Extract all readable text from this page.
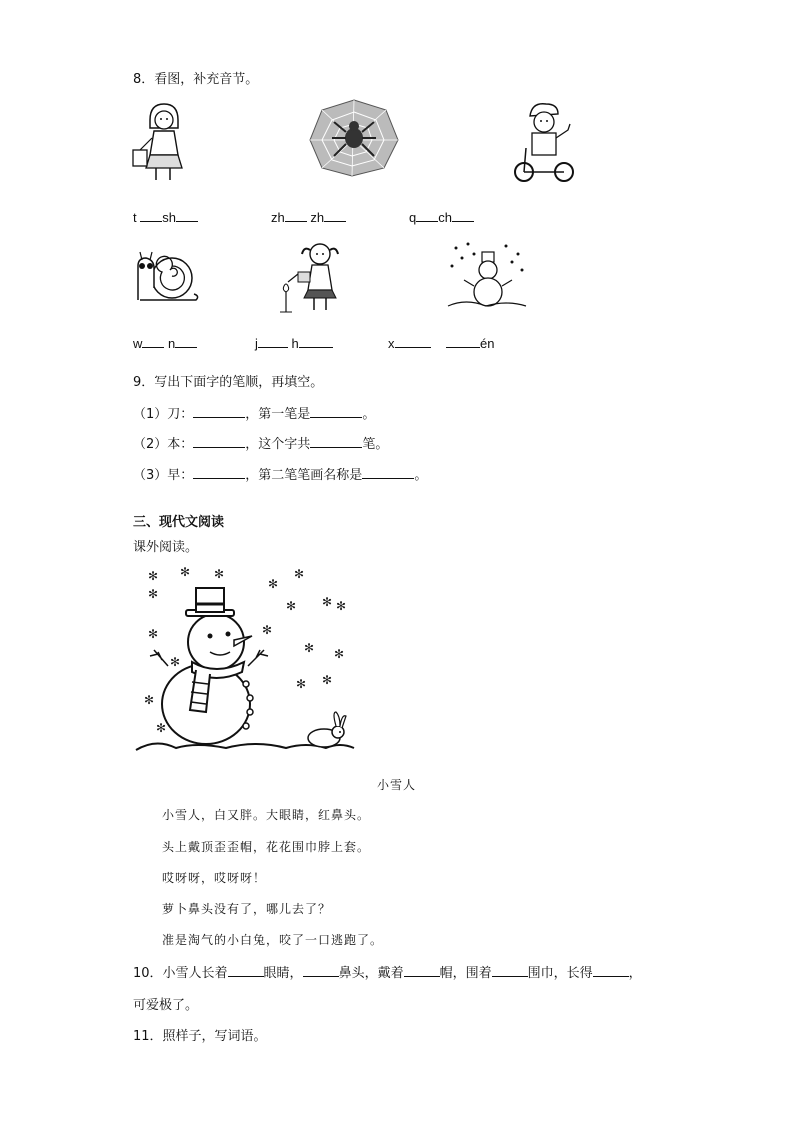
8．看图，补充音节。
t sh	zh zh	q ch
w n	j	h	x	én
9．写出下面字的笔顺，再填空。
（1）刀：	，第一笔是	。
（2）本：	，这个字共	笔。
（3）早：	，第二笔笔画名称是	。
三、现代文阅读
课外阅读。
✻ ✻ ✻
✻
✻
✻
✻	✻
✻	✻
✻ ✻
✻
✻ ✻
✻
✻
✻
小雪人
小雪人，白又胖。大眼睛，红鼻头。
头上戴顶歪歪帽，花花围巾脖上套。
哎呀呀，哎呀呀！
萝卜鼻头没有了，哪儿去了？
准是淘气的小白兔，咬了一口逃跑了。
10．小雪人长着	眼睛，	鼻头，戴着	帽，围着	围巾，长得	，
可爱极了。
11．照样子，写词语。
